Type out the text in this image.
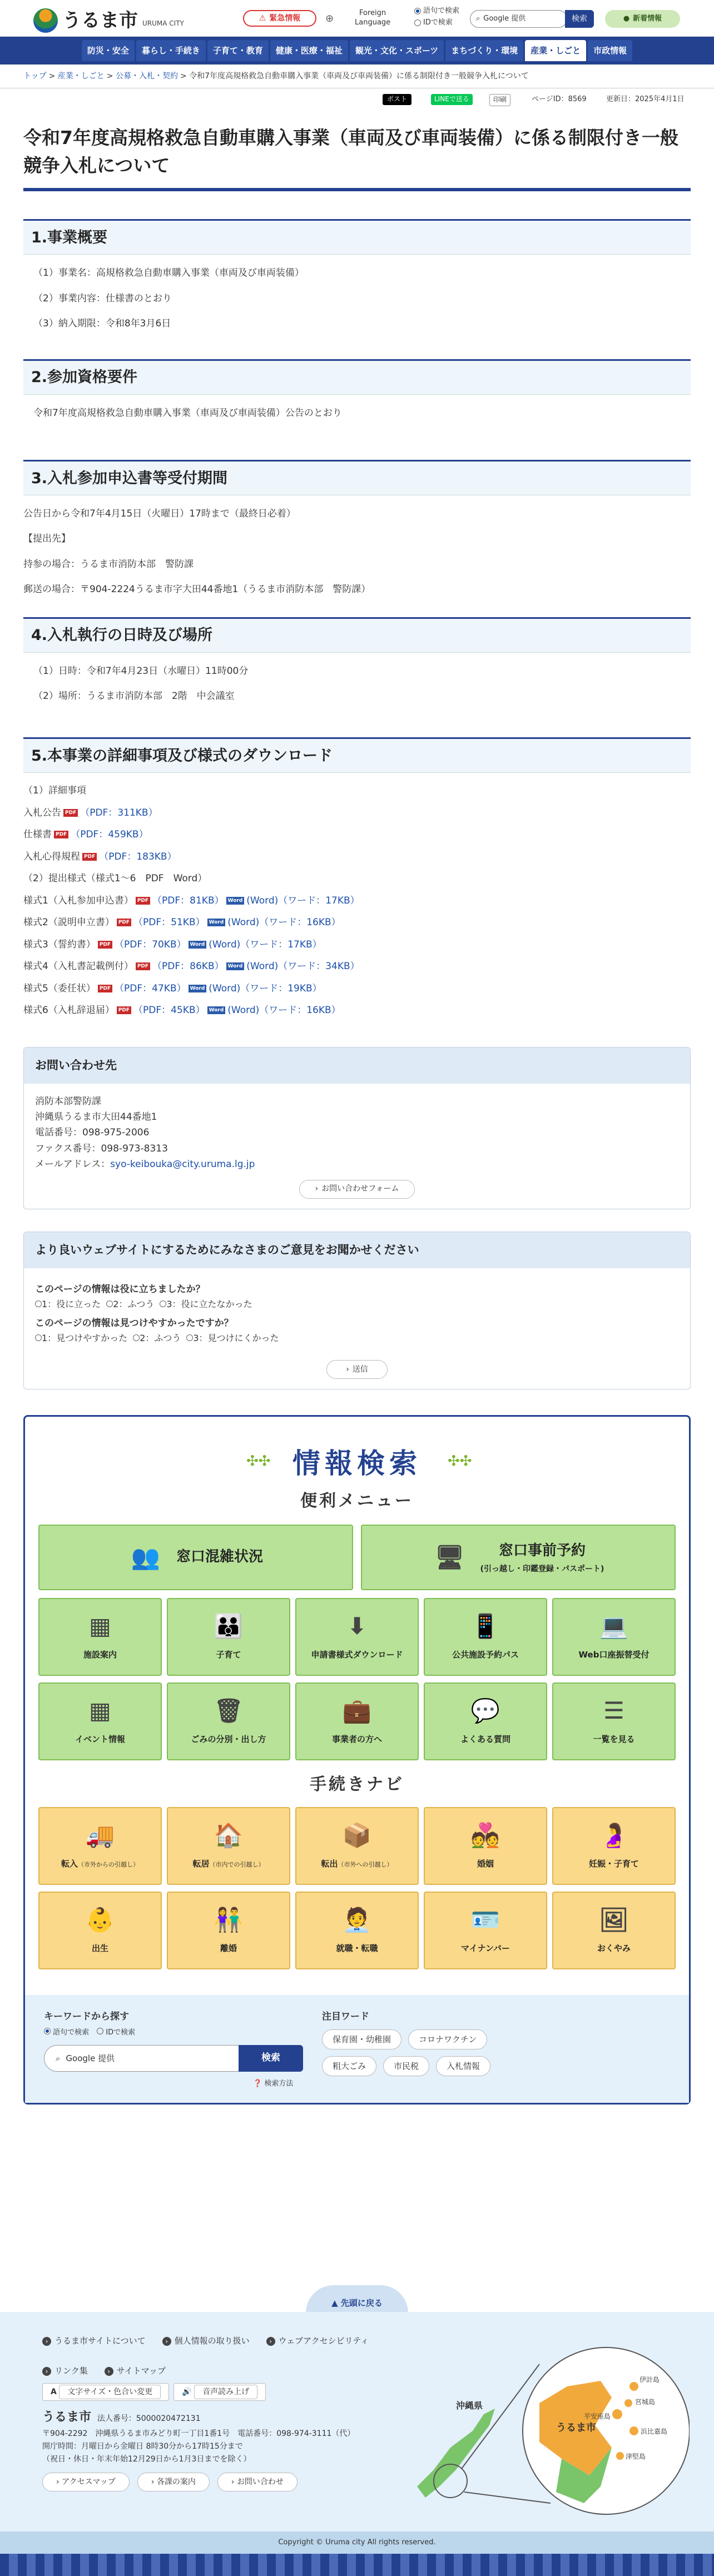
うるま市 URUMA CITY
⚠ 緊急情報 ⊕	Foreign
Language
語句で検索
IDで検索	⌕ Google 提供	検索	● 新着情報
防災・安全	暮らし・手続き	子育て・教育	健康・医療・福祉	観光・文化・スポーツ	まちづくり・環境	産業・しごと	市政情報
トップ > 産業・しごと > 公募・入札・契約 > 令和7年度高規格救急自動車購入事業（車両及び車両装備）に係る制限付き一般競争入札について
ポスト	LINEで送る	印刷	ページID：8569	更新日：2025年4月1日
令和7年度高規格救急自動車購入事業（車両及び車両装備）に係る制限付き一般競争入札について
1.事業概要

（1）事業名：高規格救急自動車購入事業（車両及び車両装備）

（2）事業内容：仕様書のとおり

（3）納入期限：令和8年3月6日

2.参加資格要件

令和7年度高規格救急自動車購入事業（車両及び車両装備）公告のとおり

3.入札参加申込書等受付期間

公告日から令和7年4月15日（火曜日）17時まで（最終日必着）

【提出先】

持参の場合：うるま市消防本部　警防課

郵送の場合：〒904-2224うるま市字大田44番地1（うるま市消防本部　警防課）

4.入札執行の日時及び場所

（1）日時：令和7年4月23日（水曜日）11時00分

（2）場所：うるま市消防本部　2階　中会議室

5.本事業の詳細事項及び様式のダウンロード

（1）詳細事項

入札公告 PDF （PDF：311KB）

仕様書 PDF （PDF：459KB）

入札心得規程 PDF （PDF：183KB）

（2）提出様式（様式1～6　PDF　Word）

様式1（入札参加申込書） PDF （PDF：81KB） Word (Word)（ワード：17KB）

様式2（説明申立書） PDF （PDF：51KB） Word (Word)（ワード：16KB）

様式3（誓約書） PDF （PDF：70KB） Word (Word)（ワード：17KB）

様式4（入札書記載例付） PDF （PDF：86KB） Word (Word)（ワード：34KB）

様式5（委任状） PDF （PDF：47KB） Word (Word)（ワード：19KB）

様式6（入札辞退届） PDF （PDF：45KB） Word (Word)（ワード：16KB）

お問い合わせ先
消防本部警防課
沖縄県うるま市大田44番地1
電話番号：098-975-2006
ファクス番号：098-973-8313
メールアドレス：syo-keibouka@city.uruma.lg.jp
› お問い合わせフォーム
より良いウェブサイトにするためにみなさまのご意見をお聞かせください
このページの情報は役に立ちましたか？
1：役に立った	2：ふつう	3：役に立たなかった
このページの情報は見つけやすかったですか？
1：見つけやすかった	2：ふつう	3：見つけにくかった
› 送信
✣✣ 情報検索	✣✣
便利メニュー
👥 窓口混雑状況	🖥	窓口事前予約
(引っ越し・印鑑登録・パスポート)
▦
施設案内
👪
子育て
⬇
申請書様式ダウンロード
📱
公共施設予約パス
💻
Web口座振替受付
▦
イベント情報
🗑
ごみの分別・出し方
💼
事業者の方へ
💬
よくある質問
☰
一覧を見る
手続きナビ
🚚
転入（市外からの引越し）
🏠
転居（市内での引越し）
📦
転出（市外への引越し）
💑
婚姻
🤰
妊娠・子育て
👶
出生
👫
離婚
🧑‍💼
就職・転職
🪪
マイナンバー
🖼
おくやみ
キーワードから探す
語句で検索	IDで検索
⌕ Google 提供	検索
❓ 検索方法
注目ワード
保育園・幼稚園	コロナワクチン
粗大ごみ	市民税	入札情報
▲
先頭に戻る
› うるま市サイトについて	› 個人情報の取り扱い	› ウェブアクセシビリティ
› リンク集	› サイトマップ
A 文字サイズ・色合い変更	🔊 音声読み上げ
うるま市 法人番号：5000020472131
〒904-2292　沖縄県うるま市みどり町一丁目1番1号　電話番号：098-974-3111（代）
開庁時間：月曜日から金曜日 8時30分から17時15分まで
（祝日・休日・年末年始12月29日から1月3日までを除く）
› アクセスマップ	› 各課の案内	› お問い合わせ
沖縄県
うるま市
伊計島
宮城島
平安座島
浜比嘉島
津堅島
Copyright © Uruma city All rights reserved.
